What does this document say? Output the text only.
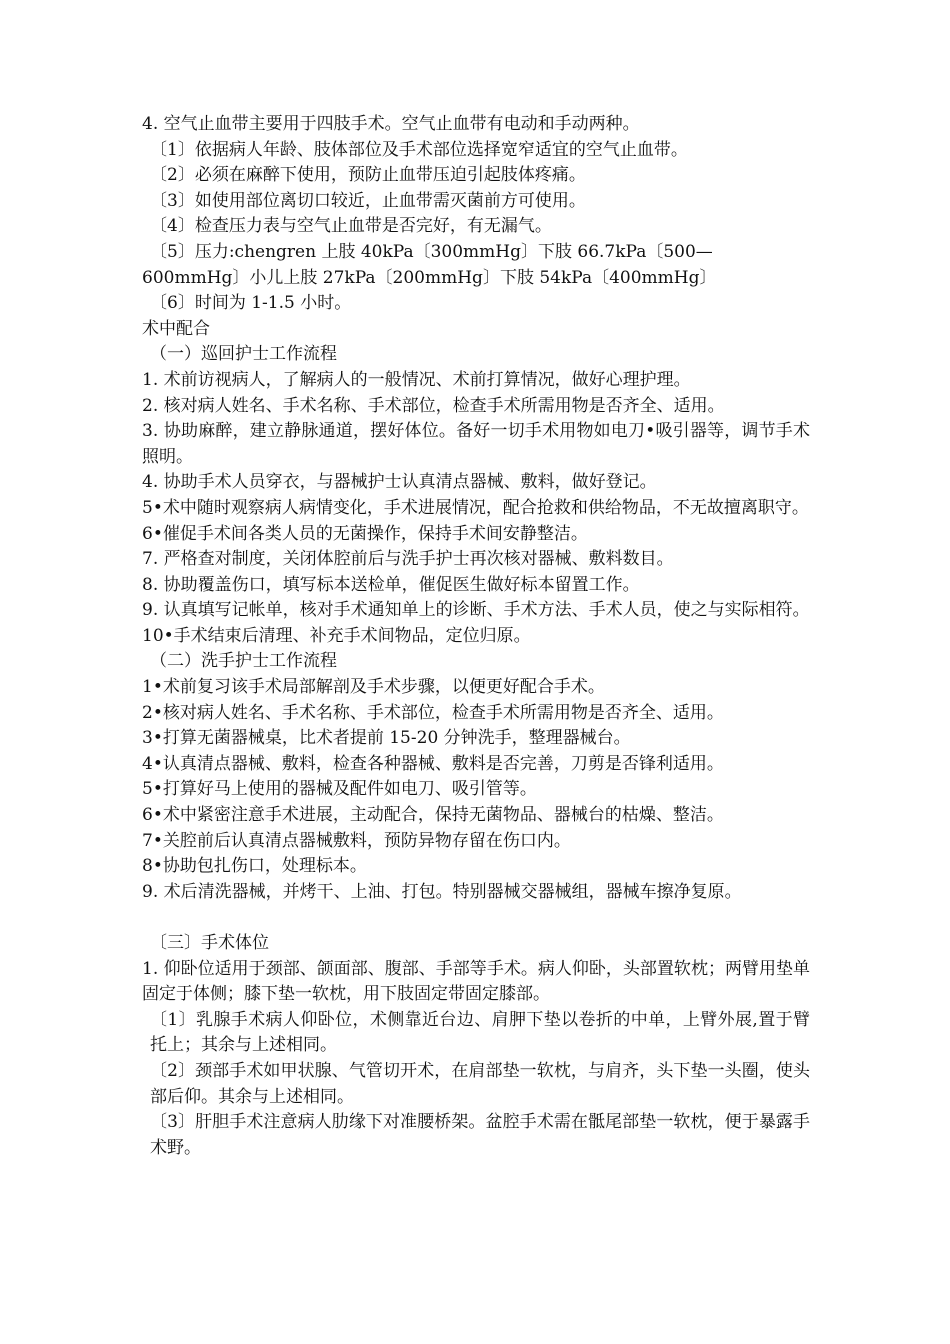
4. 空气止血带主要用于四肢手术。空气止血带有电动和手动两种。

〔1〕依据病人年龄、肢体部位及手术部位选择宽窄适宜的空气止血带。

〔2〕必须在麻醉下使用，预防止血带压迫引起肢体疼痛。

〔3〕如使用部位离切口较近，止血带需灭菌前方可使用。

〔4〕检查压力表与空气止血带是否完好，有无漏气。

〔5〕压力:chengren 上肢 40kPa〔300mmHg〕下肢 66.7kPa〔500—

600mmHg〕小儿上肢 27kPa〔200mmHg〕下肢 54kPa〔400mmHg〕

〔6〕时间为 1-1.5 小时。

术中配合

（一）巡回护士工作流程

1. 术前访视病人，了解病人的一般情况、术前打算情况，做好心理护理。

2. 核对病人姓名、手术名称、手术部位，检查手术所需用物是否齐全、适用。

3. 协助麻醉，建立静脉通道，摆好体位。备好一切手术用物如电刀•吸引器等，调节手术照明。

4. 协助手术人员穿衣，与器械护士认真清点器械、敷料，做好登记。

5•术中随时观察病人病情变化，手术进展情况，配合抢救和供给物品，不无故擅离职守。

6•催促手术间各类人员的无菌操作，保持手术间安静整洁。

7. 严格查对制度，关闭体腔前后与洗手护士再次核对器械、敷料数目。

8. 协助覆盖伤口，填写标本送检单，催促医生做好标本留置工作。

9. 认真填写记帐单，核对手术通知单上的诊断、手术方法、手术人员，使之与实际相符。

10•手术结束后清理、补充手术间物品，定位归原。

（二）洗手护士工作流程

1•术前复习该手术局部解剖及手术步骤，以便更好配合手术。

2•核对病人姓名、手术名称、手术部位，检查手术所需用物是否齐全、适用。

3•打算无菌器械桌，比术者提前 15-20 分钟洗手，整理器械台。

4•认真清点器械、敷料，检查各种器械、敷料是否完善，刀剪是否锋利适用。

5•打算好马上使用的器械及配件如电刀、吸引管等。

6•术中紧密注意手术进展，主动配合，保持无菌物品、器械台的枯燥、整洁。

7•关腔前后认真清点器械敷料，预防异物存留在伤口内。

8•协助包扎伤口，处理标本。

9. 术后清洗器械，并烤干、上油、打包。特别器械交器械组，器械车擦净复原。

〔三〕手术体位

1. 仰卧位适用于颈部、颌面部、腹部、手部等手术。病人仰卧，头部置软枕；两臂用垫单固定于体侧；膝下垫一软枕，用下肢固定带固定膝部。

〔1〕乳腺手术病人仰卧位，术侧靠近台边、肩胛下垫以卷折的中单，上臂外展,置于臂托上；其余与上述相同。

〔2〕颈部手术如甲状腺、气管切开术，在肩部垫一软枕，与肩齐，头下垫一头圈，使头部后仰。其余与上述相同。

〔3〕肝胆手术注意病人肋缘下对准腰桥架。盆腔手术需在骶尾部垫一软枕，便于暴露手术野。
